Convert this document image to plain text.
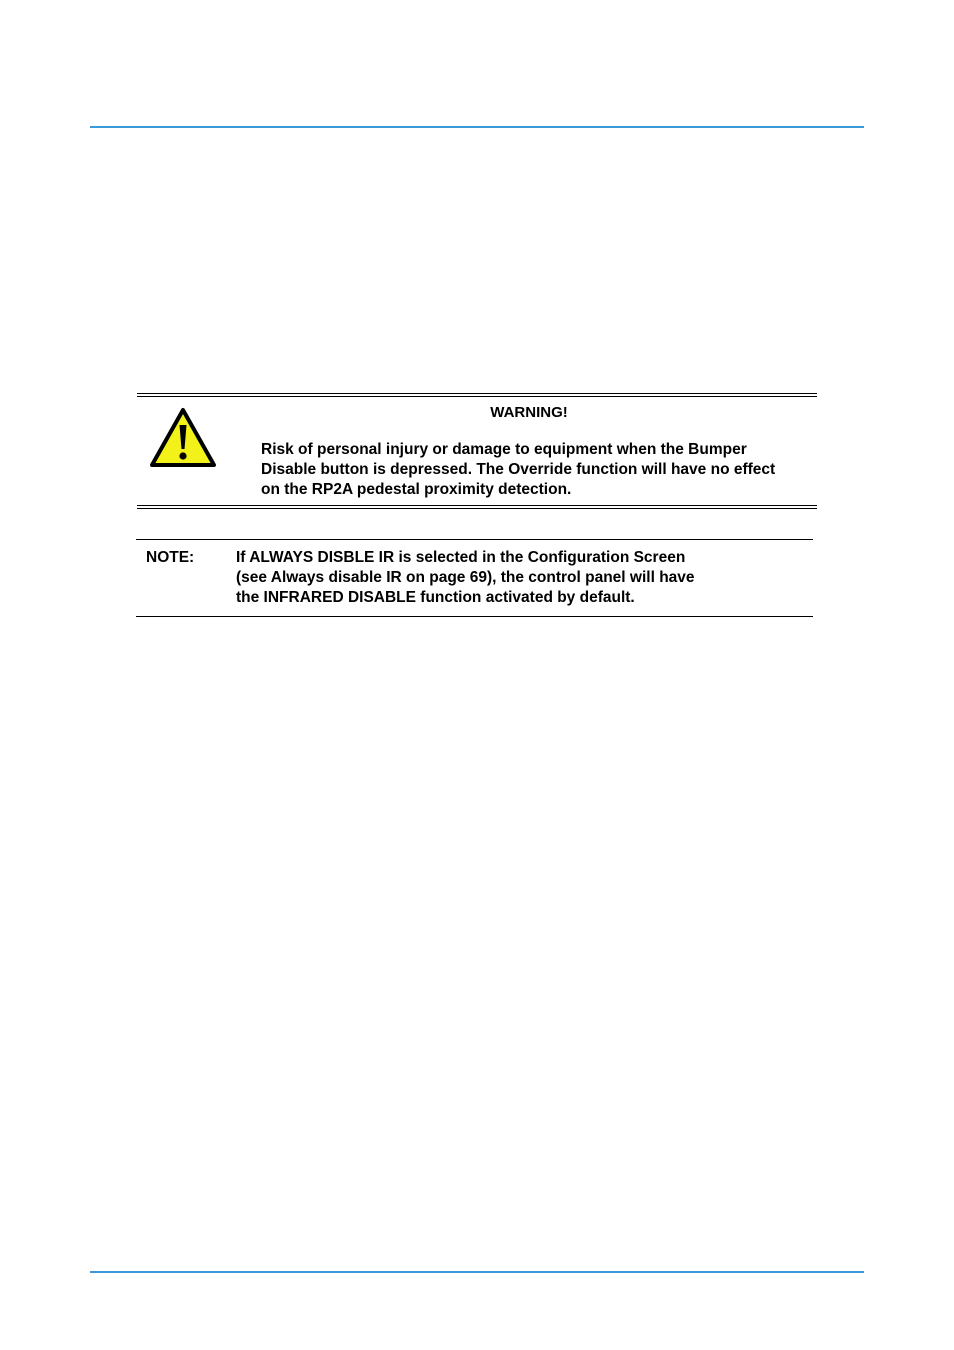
WARNING!
Risk of personal injury or damage to equipment when the Bumper
Disable button is depressed. The Override function will have no effect
on the RP2A pedestal proximity detection.
NOTE:	If ALWAYS DISBLE IR is selected in the Configuration Screen
(see Always disable IR on page 69), the control panel will have
the INFRARED DISABLE function activated by default.
